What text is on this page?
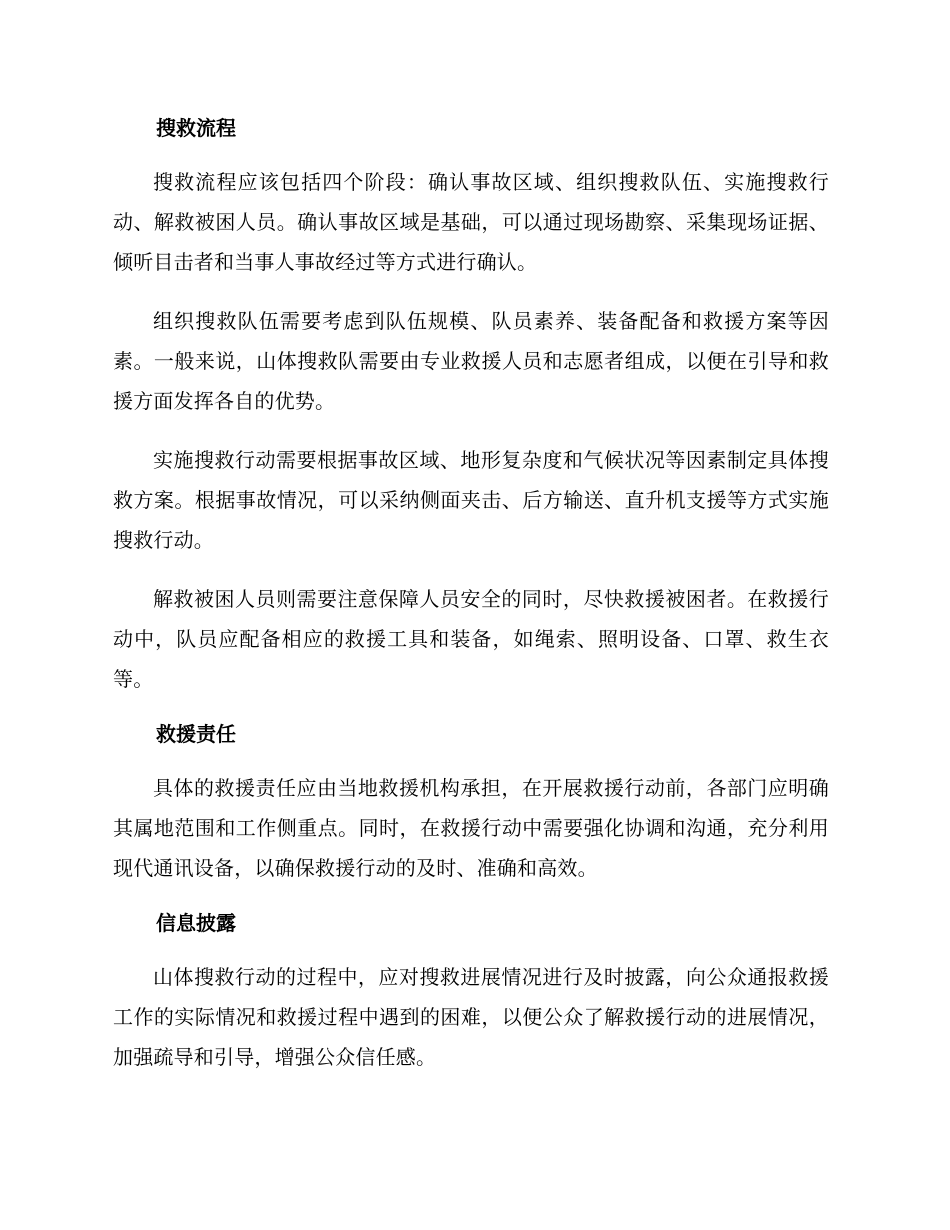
搜救流程

搜救流程应该包括四个阶段：确认事故区域、组织搜救队伍、实施搜救行动、解救被困人员。确认事故区域是基础，可以通过现场勘察、采集现场证据、倾听目击者和当事人事故经过等方式进行确认。

组织搜救队伍需要考虑到队伍规模、队员素养、装备配备和救援方案等因素。一般来说，山体搜救队需要由专业救援人员和志愿者组成，以便在引导和救援方面发挥各自的优势。

实施搜救行动需要根据事故区域、地形复杂度和气候状况等因素制定具体搜救方案。根据事故情况，可以采纳侧面夹击、后方输送、直升机支援等方式实施搜救行动。

解救被困人员则需要注意保障人员安全的同时，尽快救援被困者。在救援行动中，队员应配备相应的救援工具和装备，如绳索、照明设备、口罩、救生衣等。

救援责任

具体的救援责任应由当地救援机构承担，在开展救援行动前，各部门应明确其属地范围和工作侧重点。同时，在救援行动中需要强化协调和沟通，充分利用现代通讯设备，以确保救援行动的及时、准确和高效。

信息披露

山体搜救行动的过程中，应对搜救进展情况进行及时披露，向公众通报救援工作的实际情况和救援过程中遇到的困难，以便公众了解救援行动的进展情况，加强疏导和引导，增强公众信任感。
